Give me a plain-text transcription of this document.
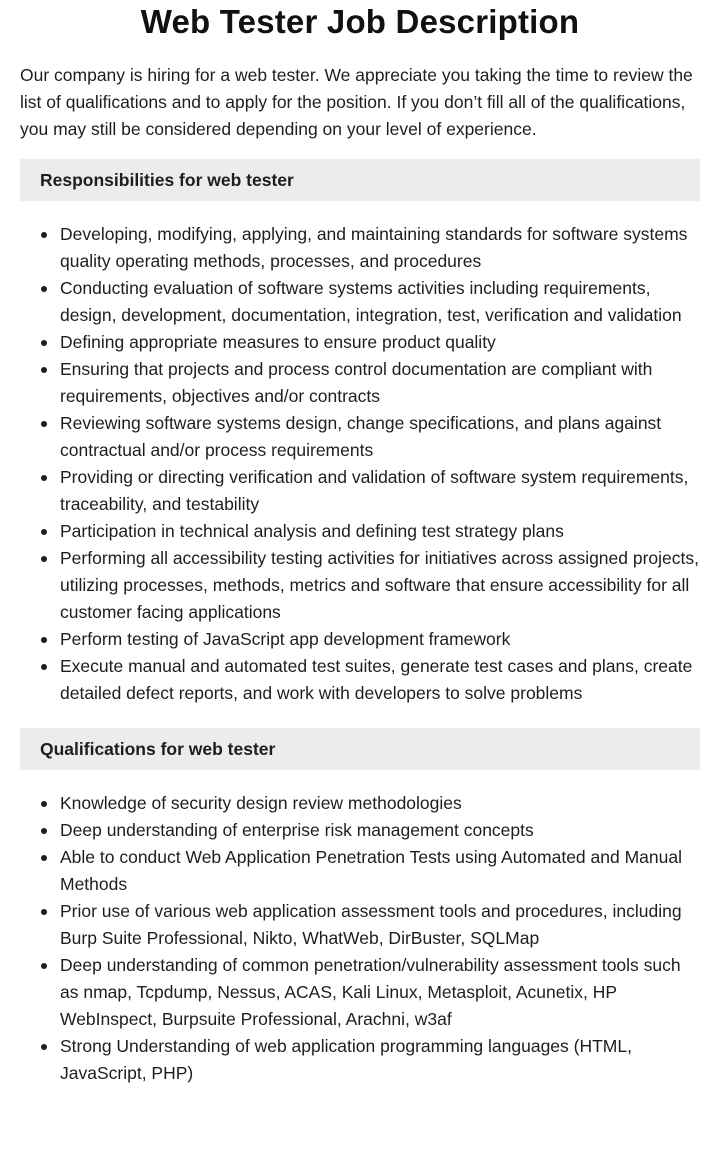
Web Tester Job Description

Our company is hiring for a web tester. We appreciate you taking the time to review the list of qualifications and to apply for the position. If you don’t fill all of the qualifications, you may still be considered depending on your level of experience.

Responsibilities for web tester
Developing, modifying, applying, and maintaining standards for software systems quality operating methods, processes, and procedures
Conducting evaluation of software systems activities including requirements, design, development, documentation, integration, test, verification and validation
Defining appropriate measures to ensure product quality
Ensuring that projects and process control documentation are compliant with requirements, objectives and/or contracts
Reviewing software systems design, change specifications, and plans against contractual and/or process requirements
Providing or directing verification and validation of software system requirements, traceability, and testability
Participation in technical analysis and defining test strategy plans
Performing all accessibility testing activities for initiatives across assigned projects, utilizing processes, methods, metrics and software that ensure accessibility for all customer facing applications
Perform testing of JavaScript app development framework
Execute manual and automated test suites, generate test cases and plans, create detailed defect reports, and work with developers to solve problems
Qualifications for web tester
Knowledge of security design review methodologies
Deep understanding of enterprise risk management concepts
Able to conduct Web Application Penetration Tests using Automated and Manual Methods
Prior use of various web application assessment tools and procedures, including Burp Suite Professional, Nikto, WhatWeb, DirBuster, SQLMap
Deep understanding of common penetration/vulnerability assessment tools such as nmap, Tcpdump, Nessus, ACAS, Kali Linux, Metasploit, Acunetix, HP WebInspect, Burpsuite Professional, Arachni, w3af
Strong Understanding of web application programming languages (HTML, JavaScript, PHP)
